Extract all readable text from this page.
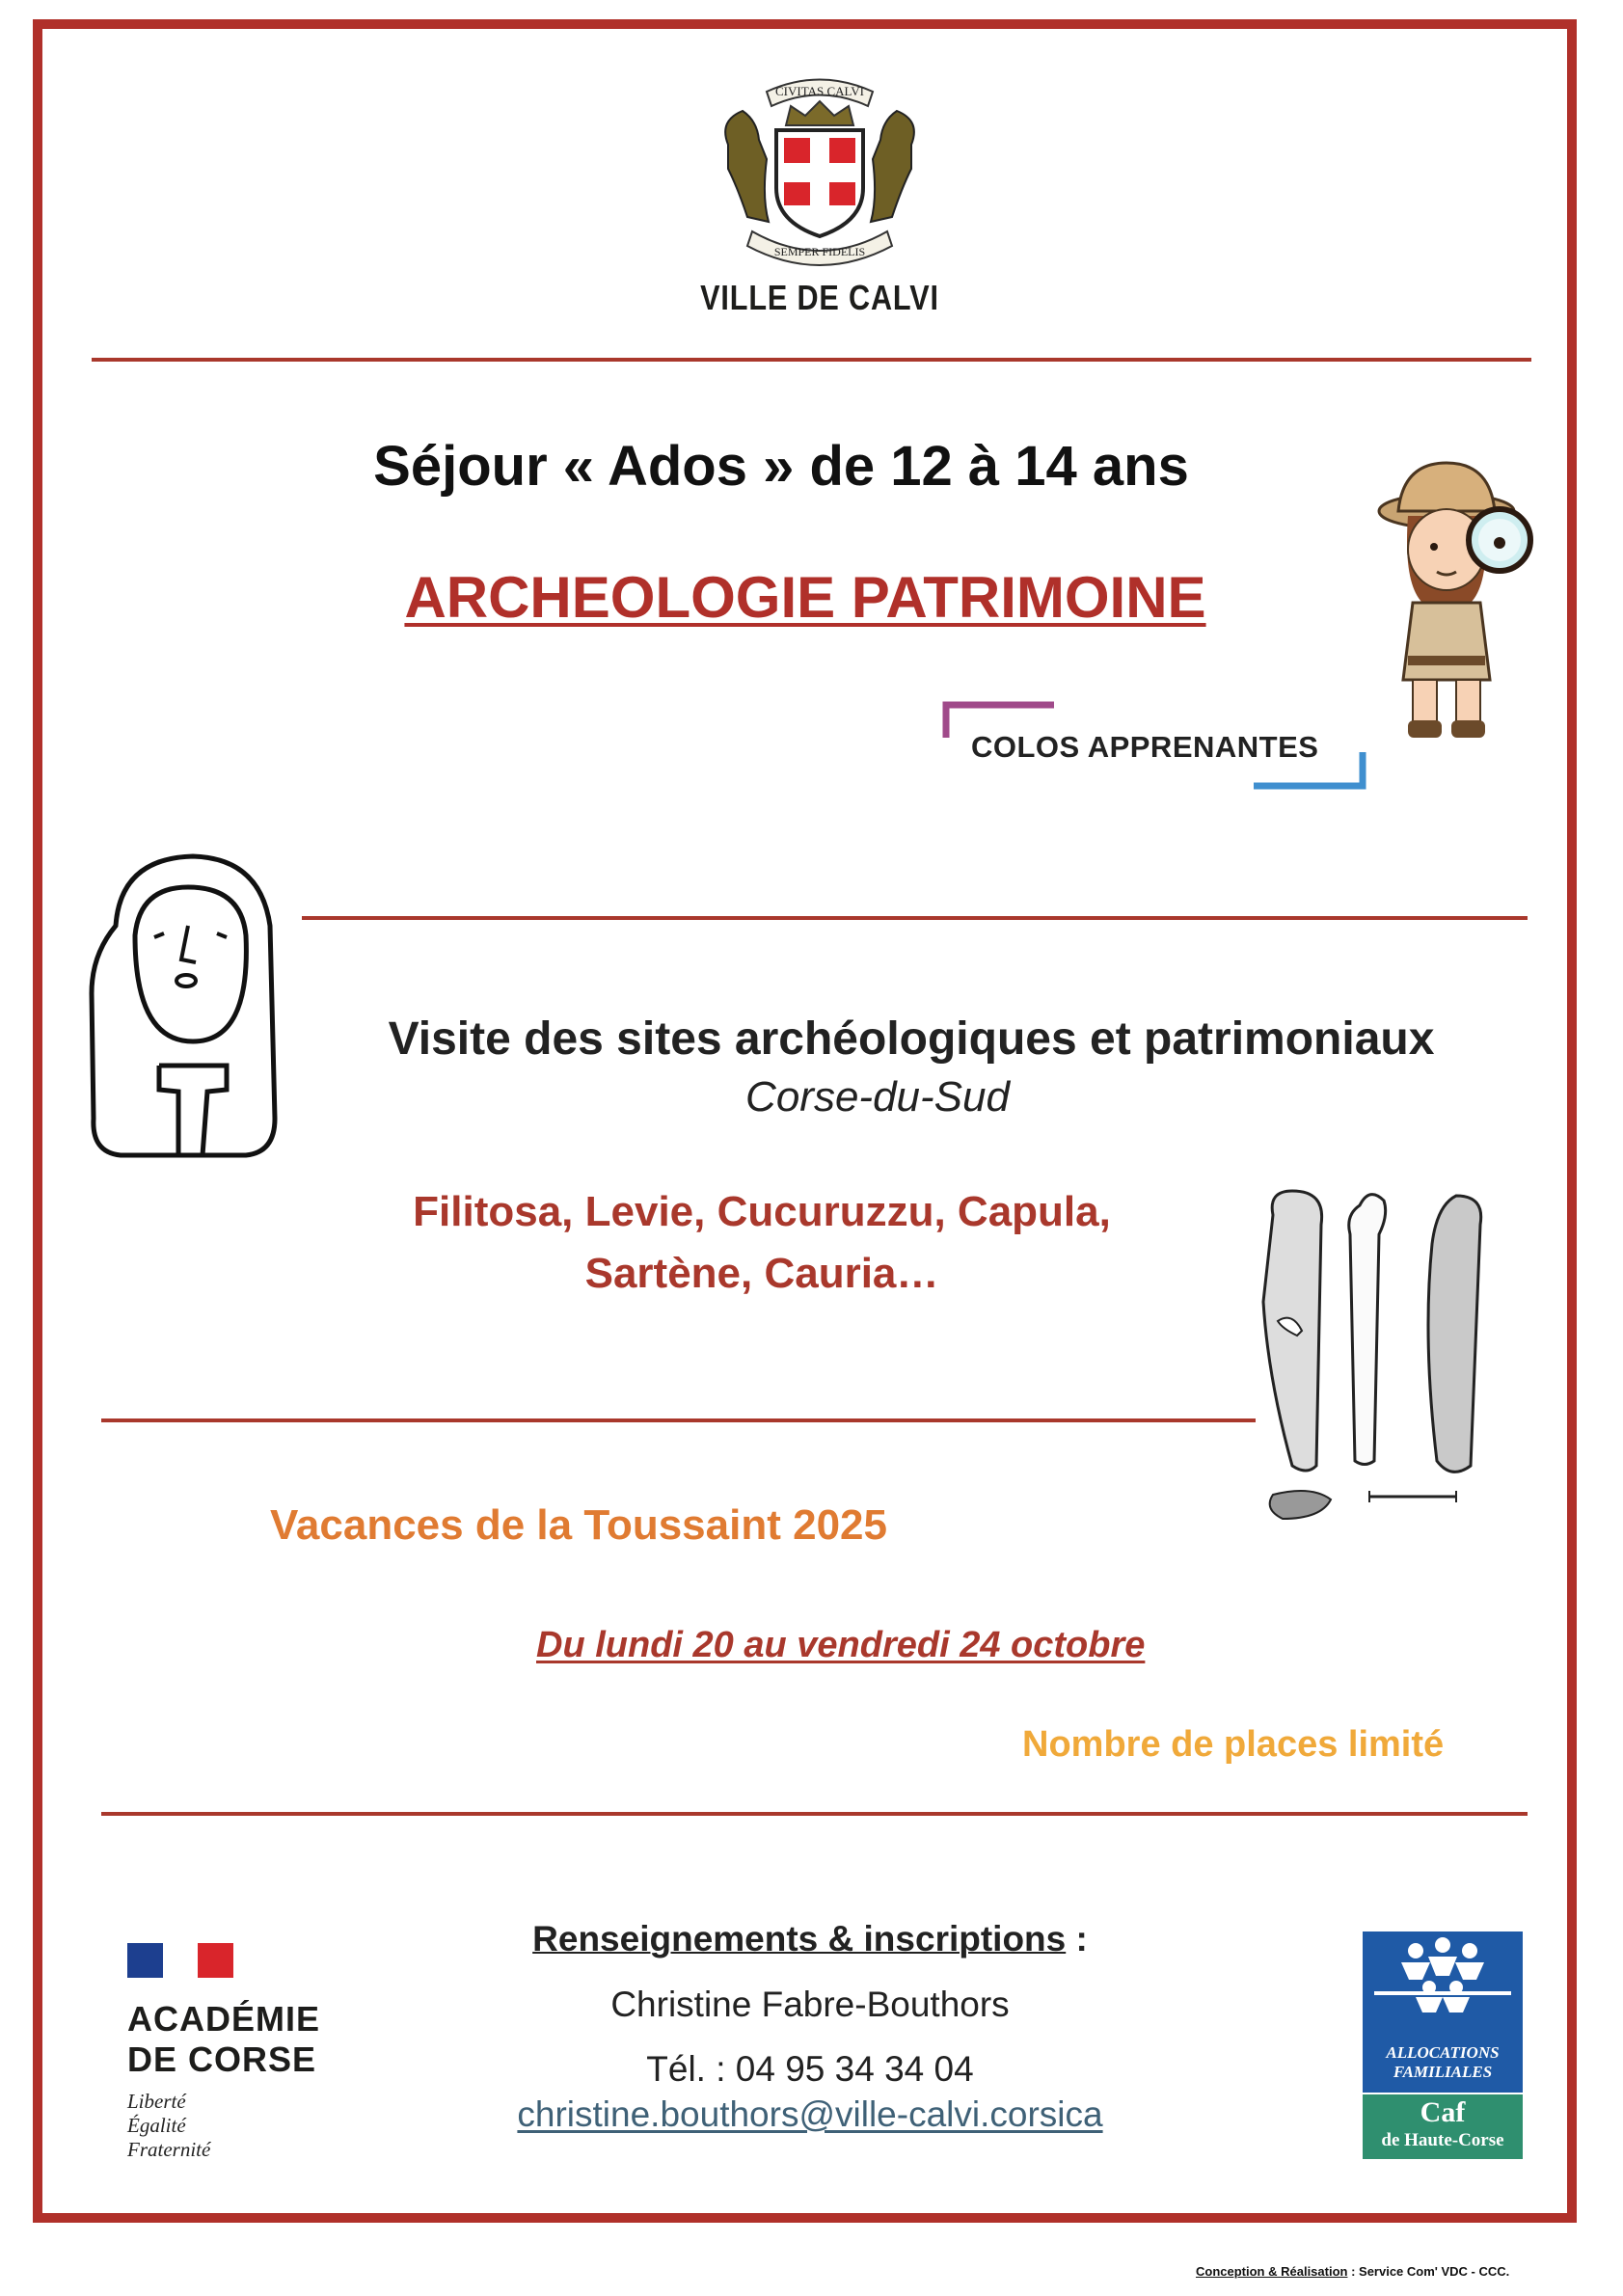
CIVITAS CALVI
SEMPER FIDELIS
VILLE DE CALVI
Séjour « Ados » de 12 à 14 ans
ARCHEOLOGIE PATRIMOINE
COLOS APPRENANTES
Visite des sites archéologiques et patrimoniaux
Corse-du-Sud
Filitosa, Levie, Cucuruzzu, Capula,
Sartène, Cauria…
Vacances de la Toussaint 2025
Du lundi 20 au vendredi 24 octobre
Nombre de places limité
ACADÉMIE
DE CORSE
Liberté
Égalité
Fraternité
Renseignements & inscriptions :
Christine Fabre-Bouthors
Tél. : 04 95 34 34 04
christine.bouthors@ville-calvi.corsica
ALLOCATIONS
FAMILIALES
Caf
de Haute-Corse
Conception & Réalisation : Service Com' VDC - CCC.
